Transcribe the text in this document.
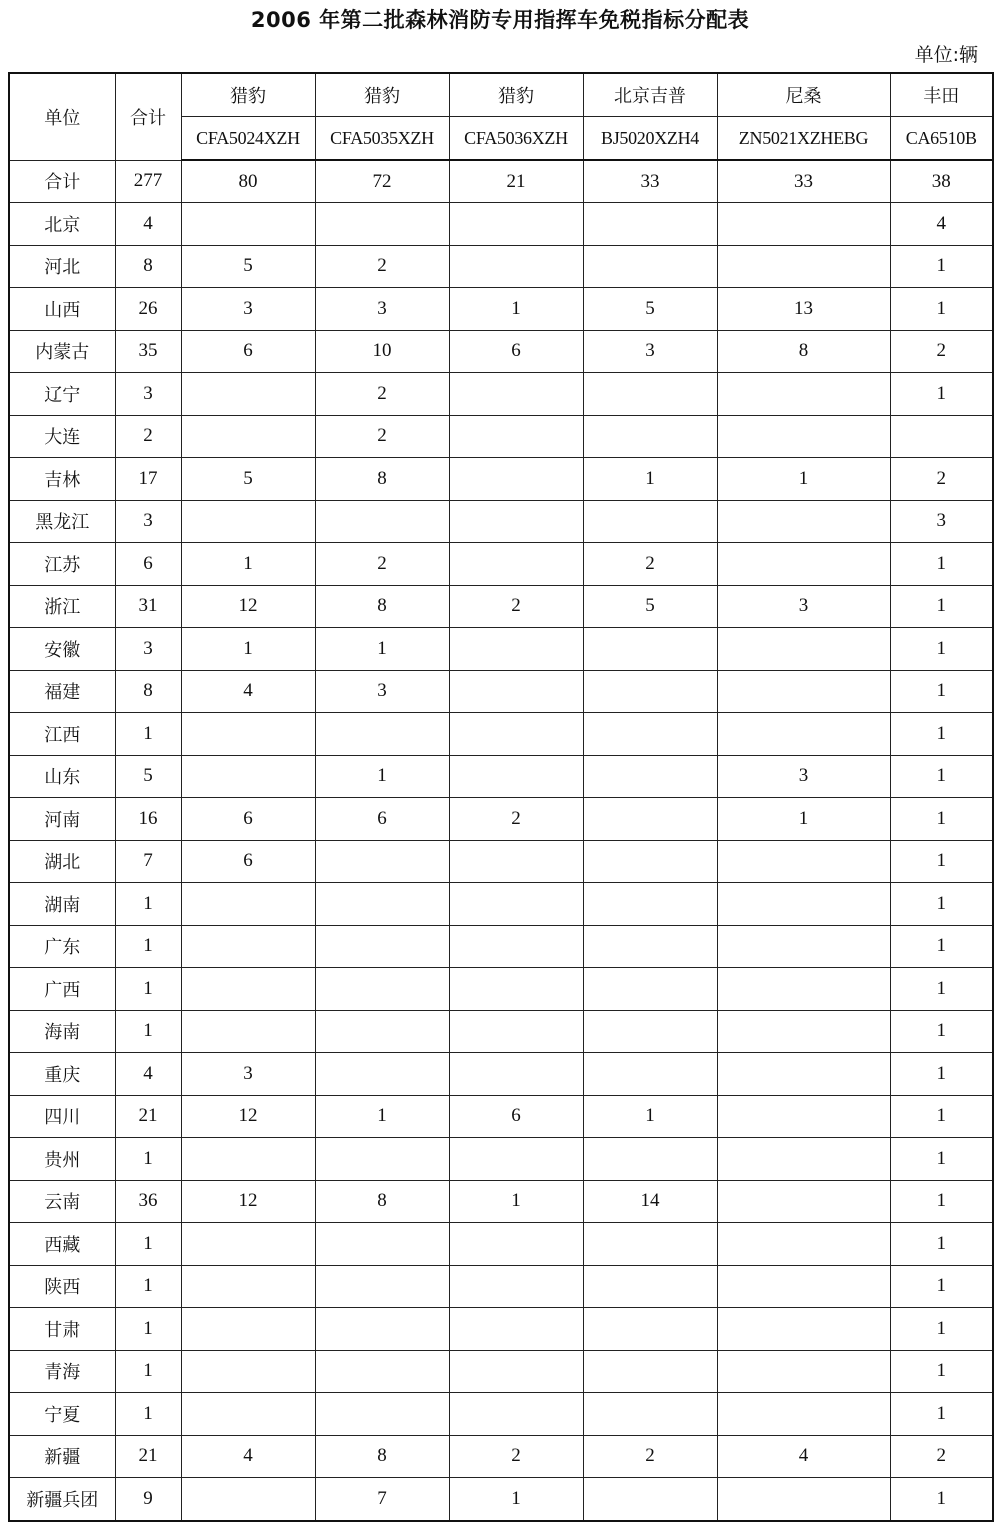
2006 年第二批森林消防专用指挥车免税指标分配表
单位:辆
单位	合计	猎豹	猎豹	猎豹	北京吉普	尼桑	丰田
		CFA5024XZH	CFA5035XZH	CFA5036XZH	BJ5020XZH4	ZN5021XZHEBG	CA6510B
合计	277	80	72	21	33	33	38
北京	4						4
河北	8	5	2				1
山西	26	3	3	1	5	13	1
内蒙古	35	6	10	6	3	8	2
辽宁	3		2				1
大连	2		2				
吉林	17	5	8		1	1	2
黑龙江	3						3
江苏	6	1	2		2		1
浙江	31	12	8	2	5	3	1
安徽	3	1	1				1
福建	8	4	3				1
江西	1						1
山东	5		1			3	1
河南	16	6	6	2		1	1
湖北	7	6					1
湖南	1						1
广东	1						1
广西	1						1
海南	1						1
重庆	4	3					1
四川	21	12	1	6	1		1
贵州	1						1
云南	36	12	8	1	14		1
西藏	1						1
陕西	1						1
甘肃	1						1
青海	1						1
宁夏	1						1
新疆	21	4	8	2	2	4	2
新疆兵团	9		7	1			1
